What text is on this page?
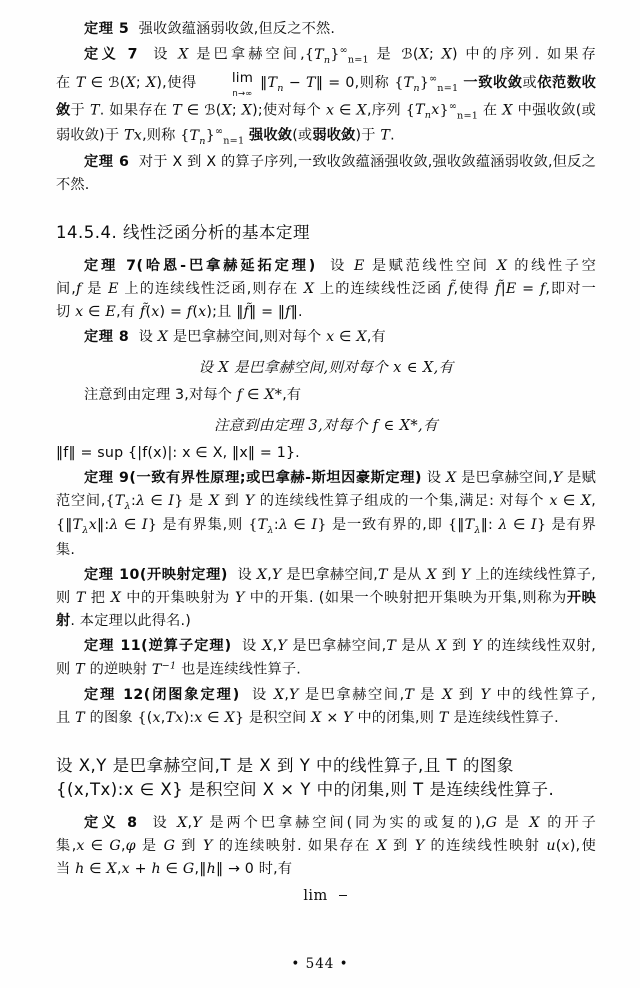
定理 5 强收敛蕴涵弱收敛,但反之不然.

定义 7  设 X 是巴拿赫空间$,\{T_n\}^\infty_{n=1}$ 是 ℬ(X; X) 中的序列. 如果存在 T ∈ ℬ(X; X),使得	lim
n→∞
$‖T_n$ − T‖ = 0,则称 $\{T_n\}^\infty_{n=1}$ 一致收敛或依范数收敛于 T. 如果存在 T ∈ ℬ(X; X);使对每个 x ∈ X,序列 $\{T_nx\}^\infty_{n=1}$ 在 X 中强收敛(或弱收敛)于 Tx,则称 $\{T_n\}^\infty_{n=1}$ 强收敛(或弱收敛)于 T.

定理 6 对于 X 到 X 的算子序列,一致收敛蕴涵强收敛,强收敛蕴涵弱收敛,但反之不然.

14.5.4. 线性泛函分析的基本定理

定理 7(哈恩-巴拿赫延拓定理)  设 E 是赋范线性空间 X 的线性子空间,f 是 E 上的连续线性泛函,则存在 X 上的连续线性泛函 f̃,使得 f̃|E = f,即对一切 x ∈ E,有 f̃(x) = f(x);且 ‖f̃‖ = ‖f‖.

定理 8  设 X 是巴拿赫空间,则对每个 x ∈ X,有

设 X 是巴拿赫空间,则对每个 x ∈ X,有

注意到由定理 3,对每个 f ∈ X*,有

注意到由定理 3,对每个 f ∈ X*,有

‖f‖ = sup {|f(x)|: x ∈ X, ‖x‖ = 1}.

定理 9(一致有界性原理;或巴拿赫-斯坦因豪斯定理) 设 X 是巴拿赫空间,Y 是赋范空间$,\{T_\lambda:\lambda$ ∈ I} 是 X 到 Y 的连续线性算子组成的一个集,满足: 对每个 x ∈ $X,\{‖T_\lambda x‖:\lambda$ ∈ I} 是有界集,则 {$T_\lambda:\lambda$ ∈ I} 是一致有界的,即 {$‖T_\lambda‖$: λ ∈ I} 是有界集.

定理 10(开映射定理)  设 X,Y 是巴拿赫空间,T 是从 X 到 Y 上的连续线性算子,则 T 把 X 中的开集映射为 Y 中的开集. (如果一个映射把开集映为开集,则称为开映射. 本定理以此得名.)

定理 11(逆算子定理)  设 X,Y 是巴拿赫空间,T 是从 X 到 Y 的连续线性双射,则 T 的逆映射 $T^{-1}$ 也是连续线性算子.

定理 12(闭图象定理)  设 X,Y 是巴拿赫空间,T 是 X 到 Y 中的线性算子,且 T 的图象 {(x,Tx):x ∈ X} 是积空间 X × Y 中的闭集,则 T 是连续线性算子.

设 X,Y 是巴拿赫空间,T 是 X 到 Y 中的线性算子,且 T 的图象 {(x,Tx):x ∈ X} 是积空间 X × Y 中的闭集,则 T 是连续线性算子.

定义 8  设 X,Y 是两个巴拿赫空间(同为实的或复的),G 是 X 的开子集,x ∈ G,φ 是 G 到 Y 的连续映射. 如果存在 X 到 Y 的连续线性映射 u(x),使当 h ∈ X,x + h ∈ G,‖h‖ → 0 时,有

lim

• 544 •
